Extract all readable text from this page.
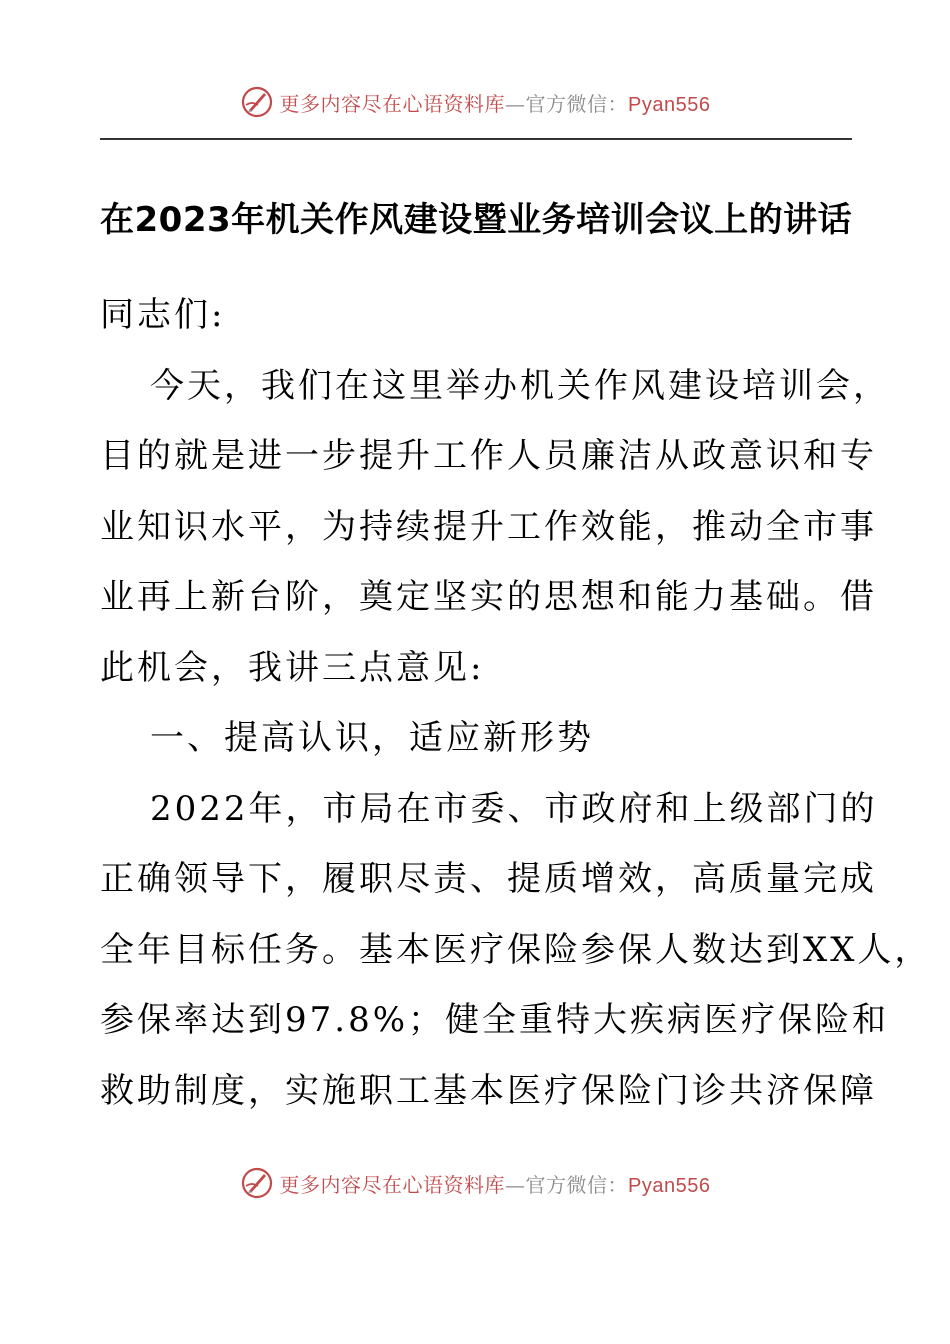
更多内容尽在心语资料库—官方微信：Pyan556
在2023年机关作风建设暨业务培训会议上的讲话

同志们:

今天，我们在这里举办机关作风建设培训会，

目的就是进一步提升工作人员廉洁从政意识和专

业知识水平，为持续提升工作效能，推动全市事

业再上新台阶，奠定坚实的思想和能力基础。借

此机会，我讲三点意见:

一、提高认识，适应新形势

2022年，市局在市委、市政府和上级部门的

正确领导下，履职尽责、提质增效，高质量完成

全年目标任务。基本医疗保险参保人数达到XX人，

参保率达到97.8%；健全重特大疾病医疗保险和

救助制度，实施职工基本医疗保险门诊共济保障

更多内容尽在心语资料库—官方微信：Pyan556
